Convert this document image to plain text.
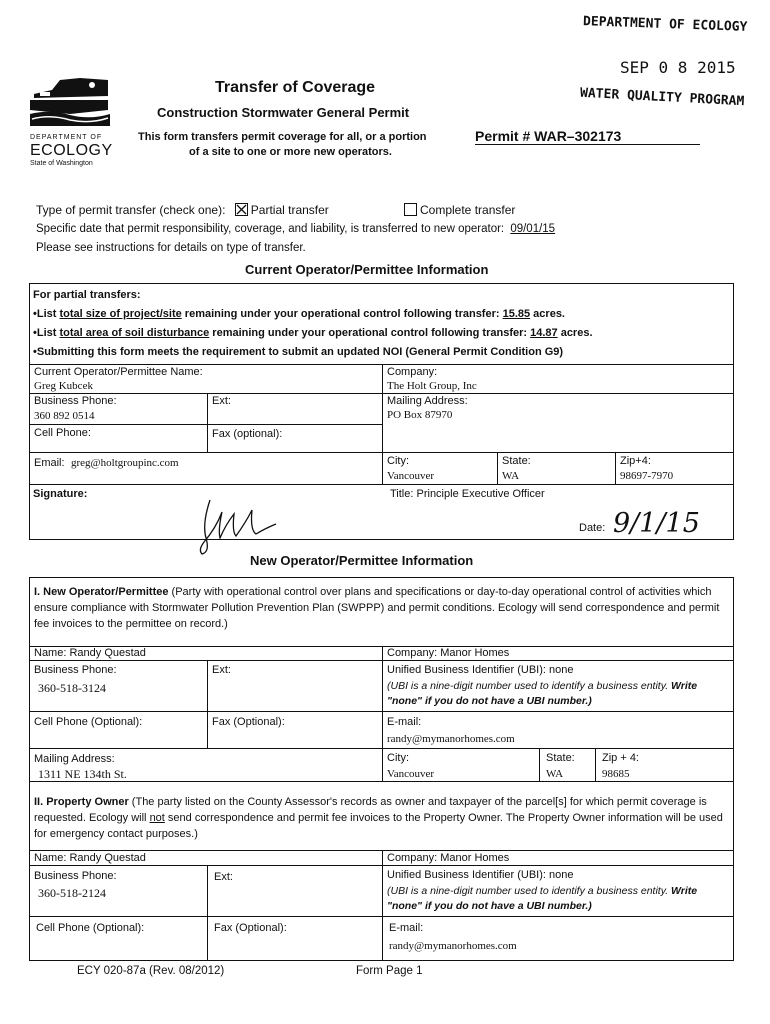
DEPARTMENT OF ECOLOGY
SEP 0 8 2015
WATER QUALITY PROGRAM
DEPARTMENT OF
ECOLOGY
State of Washington
Transfer of Coverage
Construction Stormwater General Permit
This form transfers permit coverage for all, or a portion
of a site to one or more new operators.
Permit # WAR–302173
Type of permit transfer (check one): Partial transfer	Complete transfer
Specific date that permit responsibility, coverage, and liability, is transferred to new operator: 09/01/15
Please see instructions for details on type of transfer.
Current Operator/Permittee Information
For partial transfers:
•List total size of project/site remaining under your operational control following transfer: 15.85 acres.
•List total area of soil disturbance remaining under your operational control following transfer: 14.87 acres.
•Submitting this form meets the requirement to submit an updated NOI (General Permit Condition G9)
Current Operator/Permittee Name:
Greg Kubcek
Company:
The Holt Group, Inc
Business Phone:
360 892 0514
Ext:	Mailing Address:
PO Box 87970
Cell Phone:	Fax (optional):
Email: greg@holtgroupinc.com	City:
Vancouver
State:
WA
Zip+4:
98697-7970
Signature:	Title: Principle Executive Officer
Date: 9/1/15
New Operator/Permittee Information
I. New Operator/Permittee (Party with operational control over plans and specifications or day-to-day operational control of activities which ensure compliance with Stormwater Pollution Prevention Plan (SWPPP) and permit conditions. Ecology will send correspondence and permit fee invoices to the permittee on record.)
Name: Randy Questad	Company: Manor Homes
Business Phone:
360-518-3124
Ext:	Unified Business Identifier (UBI): none
(UBI is a nine-digit number used to identify a business entity. Write
"none" if you do not have a UBI number.)
Cell Phone (Optional):	Fax (Optional):	E-mail:
randy@mymanorhomes.com
Mailing Address:
1311 NE 134th St.
City:
Vancouver
State:
WA
Zip + 4:
98685
II. Property Owner (The party listed on the County Assessor's records as owner and taxpayer of the parcel[s] for which permit coverage is requested. Ecology will not send correspondence and permit fee invoices to the Property Owner. The Property Owner information will be used for emergency contact purposes.)
Name: Randy Questad	Company: Manor Homes
Business Phone:
360-518-2124
Ext:	Unified Business Identifier (UBI): none
(UBI is a nine-digit number used to identify a business entity. Write
"none" if you do not have a UBI number.)
Cell Phone (Optional):	Fax (Optional):	E-mail:
randy@mymanorhomes.com
ECY 020-87a (Rev. 08/2012)	Form Page 1
